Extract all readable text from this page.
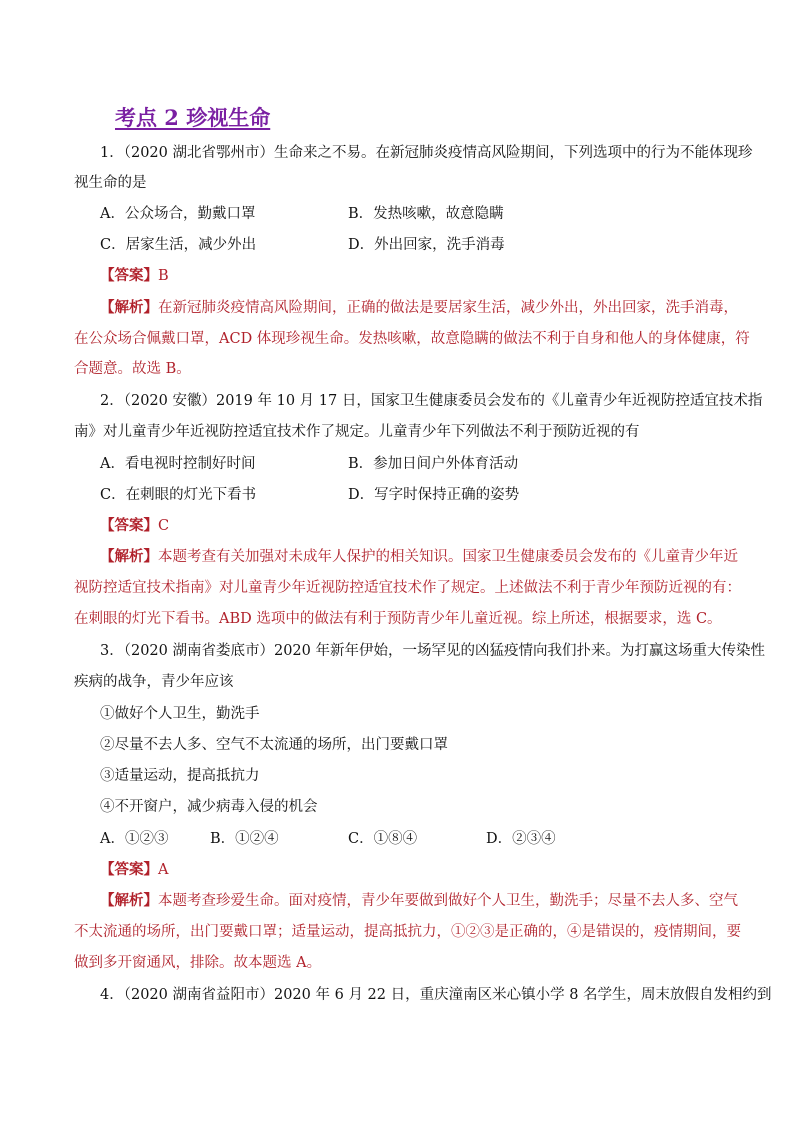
考点 2 珍视生命
1．（2020 湖北省鄂州市）生命来之不易。在新冠肺炎疫情高风险期间，下列选项中的行为不能体现珍
视生命的是
A．公众场合，勤戴口罩	B．发热咳嗽，故意隐瞒
C．居家生活，减少外出	D．外出回家，洗手消毒
【答案】B
【解析】在新冠肺炎疫情高风险期间，正确的做法是要居家生活，减少外出，外出回家，洗手消毒，
在公众场合佩戴口罩，ACD 体现珍视生命。发热咳嗽，故意隐瞒的做法不利于自身和他人的身体健康，符
合题意。故选 B。
2．（2020 安徽）2019 年 10 月 17 日，国家卫生健康委员会发布的《儿童青少年近视防控适宜技术指
南》对儿童青少年近视防控适宜技术作了规定。儿童青少年下列做法不利于预防近视的有
A．看电视时控制好时间	B．参加日间户外体育活动
C．在刺眼的灯光下看书	D．写字时保持正确的姿势
【答案】C
【解析】本题考查有关加强对未成年人保护的相关知识。国家卫生健康委员会发布的《儿童青少年近
视防控适宜技术指南》对儿童青少年近视防控适宜技术作了规定。上述做法不利于青少年预防近视的有：
在刺眼的灯光下看书。ABD 选项中的做法有利于预防青少年儿童近视。综上所述，根据要求，选 C。
3．（2020 湖南省娄底市）2020 年新年伊始，一场罕见的凶猛疫情向我们扑来。为打赢这场重大传染性
疾病的战争，青少年应该
①做好个人卫生，勤洗手
②尽量不去人多、空气不太流通的场所，出门要戴口罩
③适量运动，提高抵抗力
④不开窗户，减少病毒入侵的机会
A．①②③	B．①②④	C．①⑧④	D．②③④
【答案】A
【解析】本题考查珍爱生命。面对疫情，青少年要做到做好个人卫生，勤洗手；尽量不去人多、空气
不太流通的场所，出门要戴口罩；适量运动，提高抵抗力，①②③是正确的，④是错误的，疫情期间，要
做到多开窗通风，排除。故本题选 A。
4．（2020 湖南省益阳市）2020 年 6 月 22 日，重庆潼南区米心镇小学 8 名学生，周末放假自发相约到
